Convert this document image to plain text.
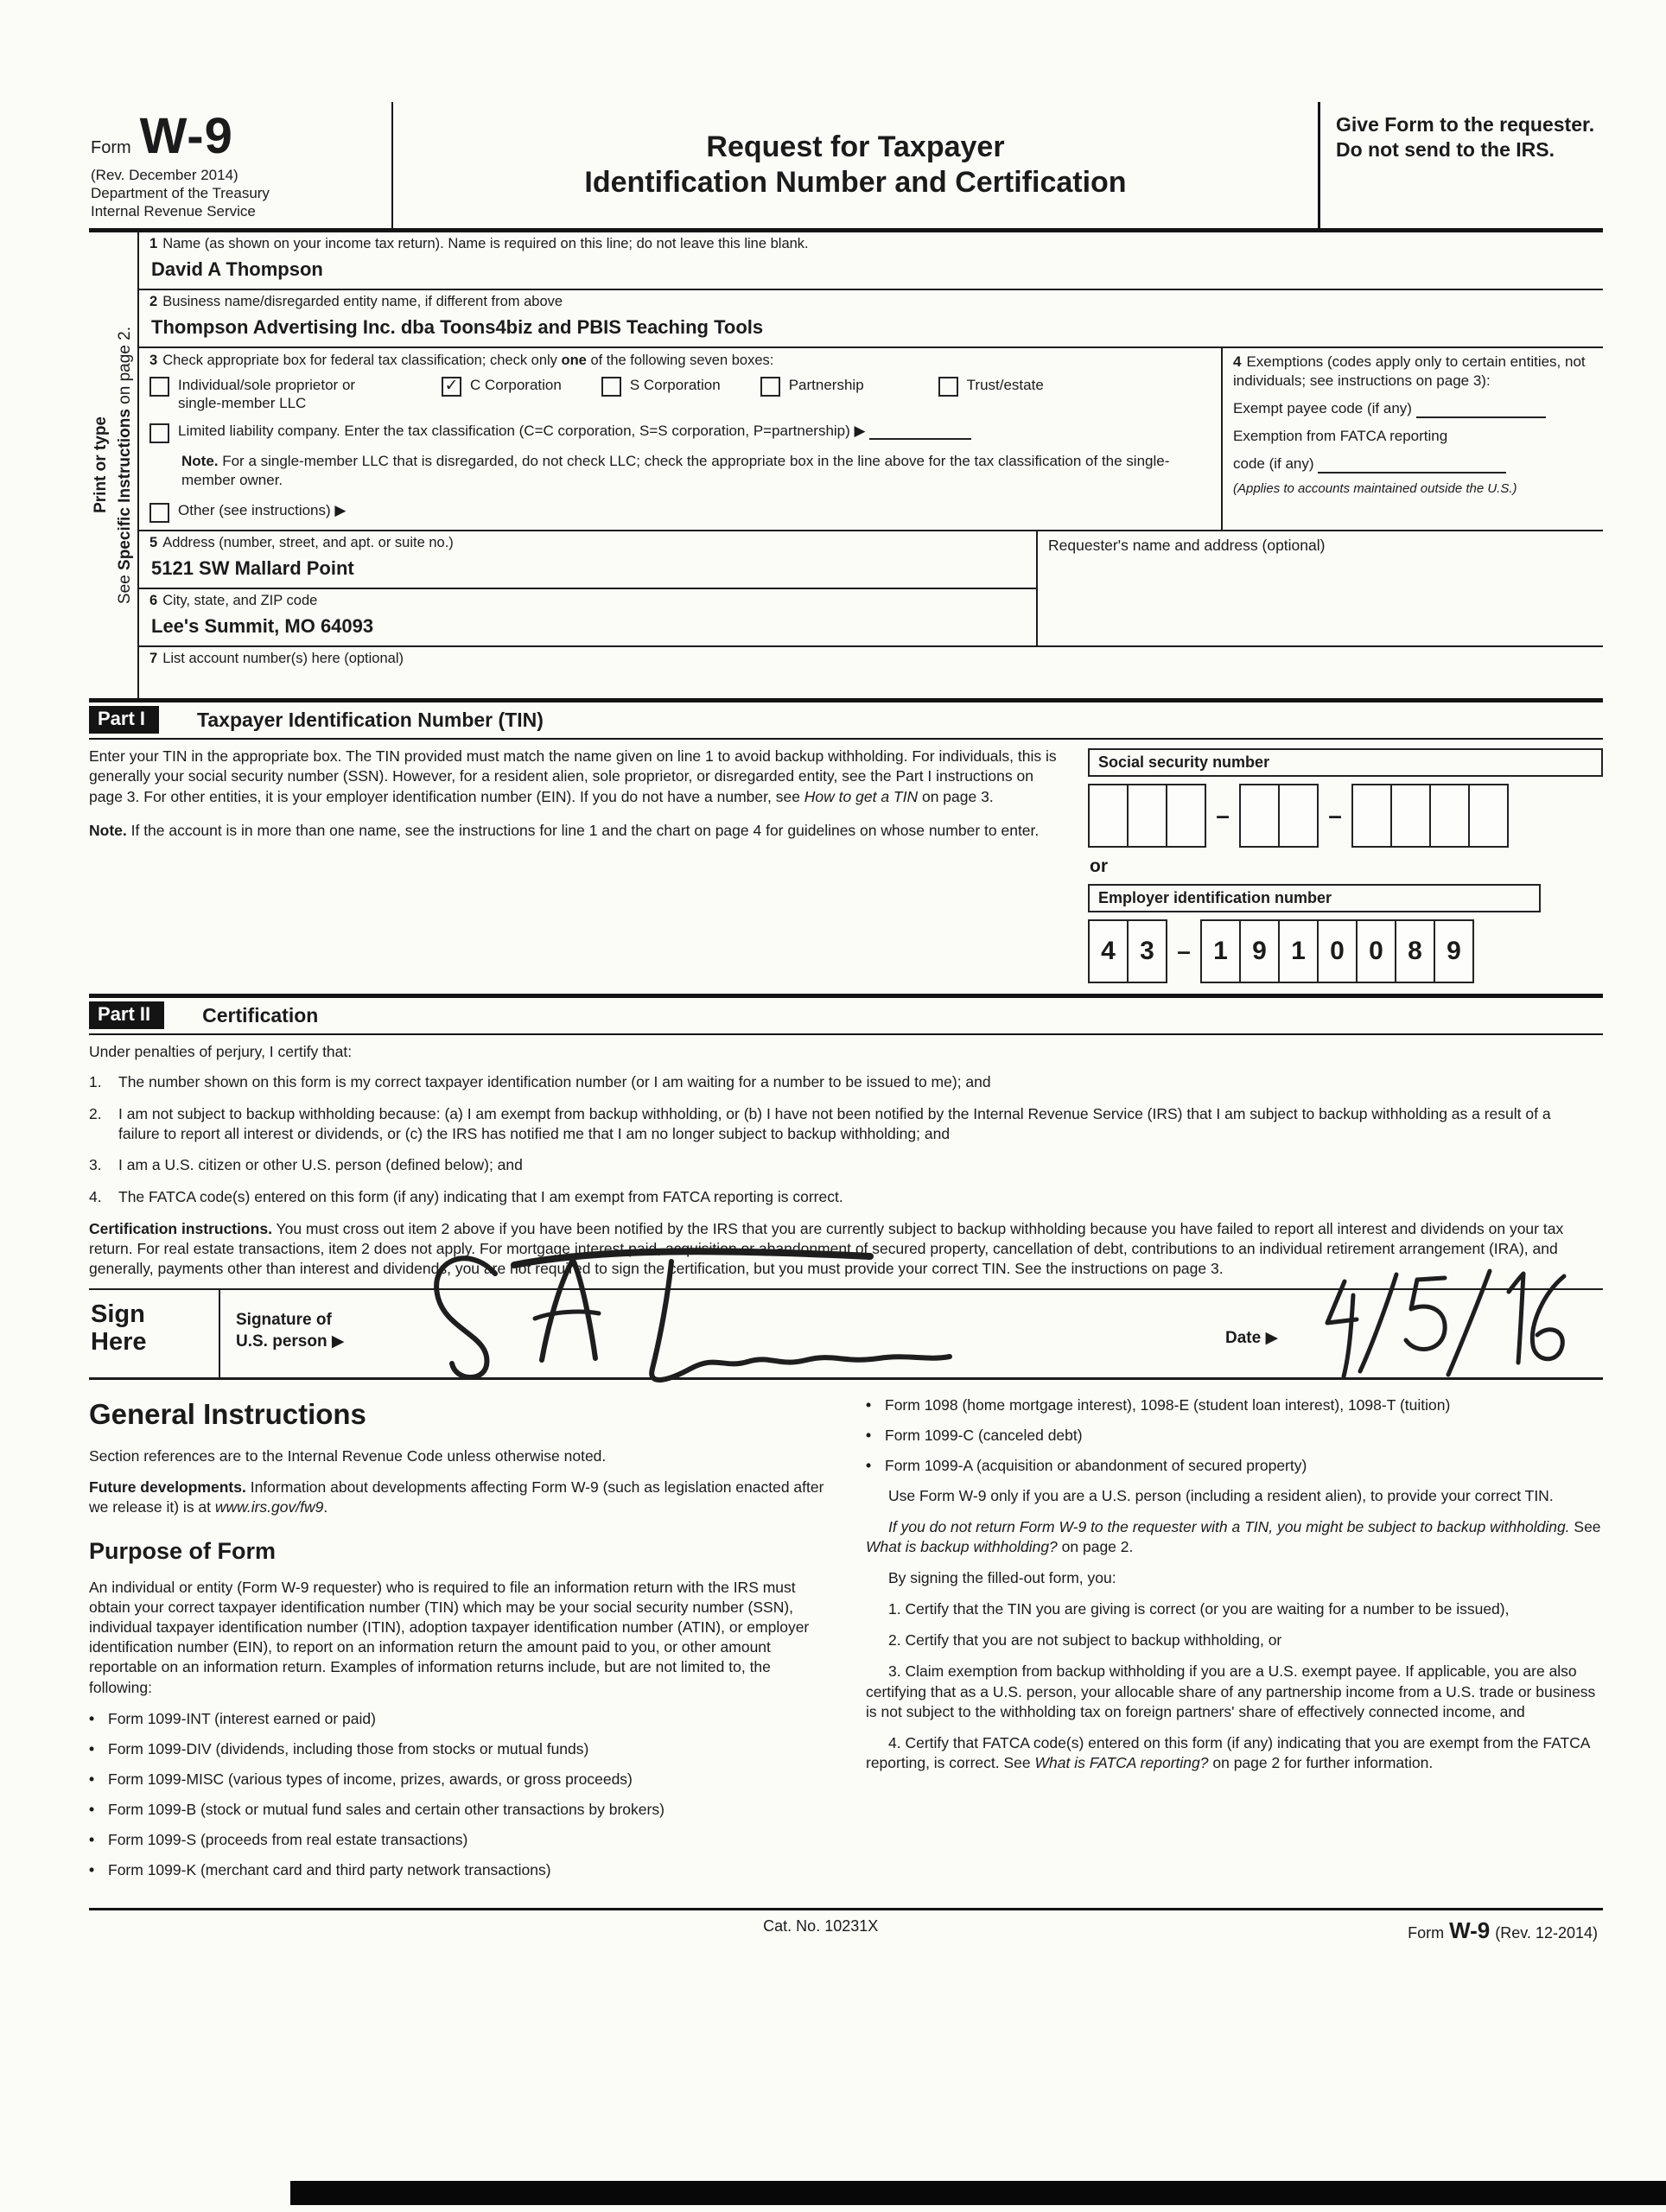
Form W-9
(Rev. December 2014)
Department of the Treasury
Internal Revenue Service
Request for Taxpayer
Identification Number and Certification
Give Form to the requester. Do not send to the IRS.
Print or type
See Specific Instructions on page 2.
1 Name (as shown on your income tax return). Name is required on this line; do not leave this line blank.
David A Thompson
2 Business name/disregarded entity name, if different from above
Thompson Advertising Inc. dba Toons4biz and PBIS Teaching Tools
3 Check appropriate box for federal tax classification; check only one of the following seven boxes:
Individual/sole proprietor or single-member LLC
✓ C Corporation	S Corporation	Partnership	Trust/estate
Limited liability company. Enter the tax classification (C=C corporation, S=S corporation, P=partnership) ▶
Note. For a single-member LLC that is disregarded, do not check LLC; check the appropriate box in the line above for the tax classification of the single-member owner.
Other (see instructions) ▶
4 Exemptions (codes apply only to certain entities, not individuals; see instructions on page 3):
Exempt payee code (if any)
Exemption from FATCA reporting
code (if any)
(Applies to accounts maintained outside the U.S.)
5 Address (number, street, and apt. or suite no.)
5121 SW Mallard Point
6 City, state, and ZIP code
Lee's Summit, MO 64093
Requester's name and address (optional)
7 List account number(s) here (optional)
Part I	Taxpayer Identification Number (TIN)

Enter your TIN in the appropriate box. The TIN provided must match the name given on line 1 to avoid backup withholding. For individuals, this is generally your social security number (SSN). However, for a resident alien, sole proprietor, or disregarded entity, see the Part I instructions on page 3. For other entities, it is your employer identification number (EIN). If you do not have a number, see How to get a TIN on page 3.

Note. If the account is in more than one name, see the instructions for line 1 and the chart on page 4 for guidelines on whose number to enter.

Social security number
–	–
or
Employer identification number
4 3 – 1 9 1 0 0 8 9
Part II	Certification
Under penalties of perjury, I certify that:
1.	The number shown on this form is my correct taxpayer identification number (or I am waiting for a number to be issued to me); and
2.	I am not subject to backup withholding because: (a) I am exempt from backup withholding, or (b) I have not been notified by the Internal Revenue Service (IRS) that I am subject to backup withholding as a result of a failure to report all interest or dividends, or (c) the IRS has notified me that I am no longer subject to backup withholding; and
3.	I am a U.S. citizen or other U.S. person (defined below); and
4.	The FATCA code(s) entered on this form (if any) indicating that I am exempt from FATCA reporting is correct.

Certification instructions. You must cross out item 2 above if you have been notified by the IRS that you are currently subject to backup withholding because you have failed to report all interest and dividends on your tax return. For real estate transactions, item 2 does not apply. For mortgage interest paid, acquisition or abandonment of secured property, cancellation of debt, contributions to an individual retirement arrangement (IRA), and generally, payments other than interest and dividends, you are not required to sign the certification, but you must provide your correct TIN. See the instructions on page 3.

Sign
Here
Signature of
U.S. person ▶	Date ▶
General Instructions

Section references are to the Internal Revenue Code unless otherwise noted.

Future developments. Information about developments affecting Form W-9 (such as legislation enacted after we release it) is at www.irs.gov/fw9.

Purpose of Form

An individual or entity (Form W-9 requester) who is required to file an information return with the IRS must obtain your correct taxpayer identification number (TIN) which may be your social security number (SSN), individual taxpayer identification number (ITIN), adoption taxpayer identification number (ATIN), or employer identification number (EIN), to report on an information return the amount paid to you, or other amount reportable on an information return. Examples of information returns include, but are not limited to, the following:

• Form 1099-INT (interest earned or paid)
• Form 1099-DIV (dividends, including those from stocks or mutual funds)
• Form 1099-MISC (various types of income, prizes, awards, or gross proceeds)
• Form 1099-B (stock or mutual fund sales and certain other transactions by brokers)
• Form 1099-S (proceeds from real estate transactions)
• Form 1099-K (merchant card and third party network transactions)
• Form 1098 (home mortgage interest), 1098-E (student loan interest), 1098-T (tuition)
• Form 1099-C (canceled debt)
• Form 1099-A (acquisition or abandonment of secured property)

Use Form W-9 only if you are a U.S. person (including a resident alien), to provide your correct TIN.

If you do not return Form W-9 to the requester with a TIN, you might be subject to backup withholding. See What is backup withholding? on page 2.

By signing the filled-out form, you:

1. Certify that the TIN you are giving is correct (or you are waiting for a number to be issued),

2. Certify that you are not subject to backup withholding, or

3. Claim exemption from backup withholding if you are a U.S. exempt payee. If applicable, you are also certifying that as a U.S. person, your allocable share of any partnership income from a U.S. trade or business is not subject to the withholding tax on foreign partners' share of effectively connected income, and

4. Certify that FATCA code(s) entered on this form (if any) indicating that you are exempt from the FATCA reporting, is correct. See What is FATCA reporting? on page 2 for further information.

Cat. No. 10231X	Form W-9 (Rev. 12-2014)
